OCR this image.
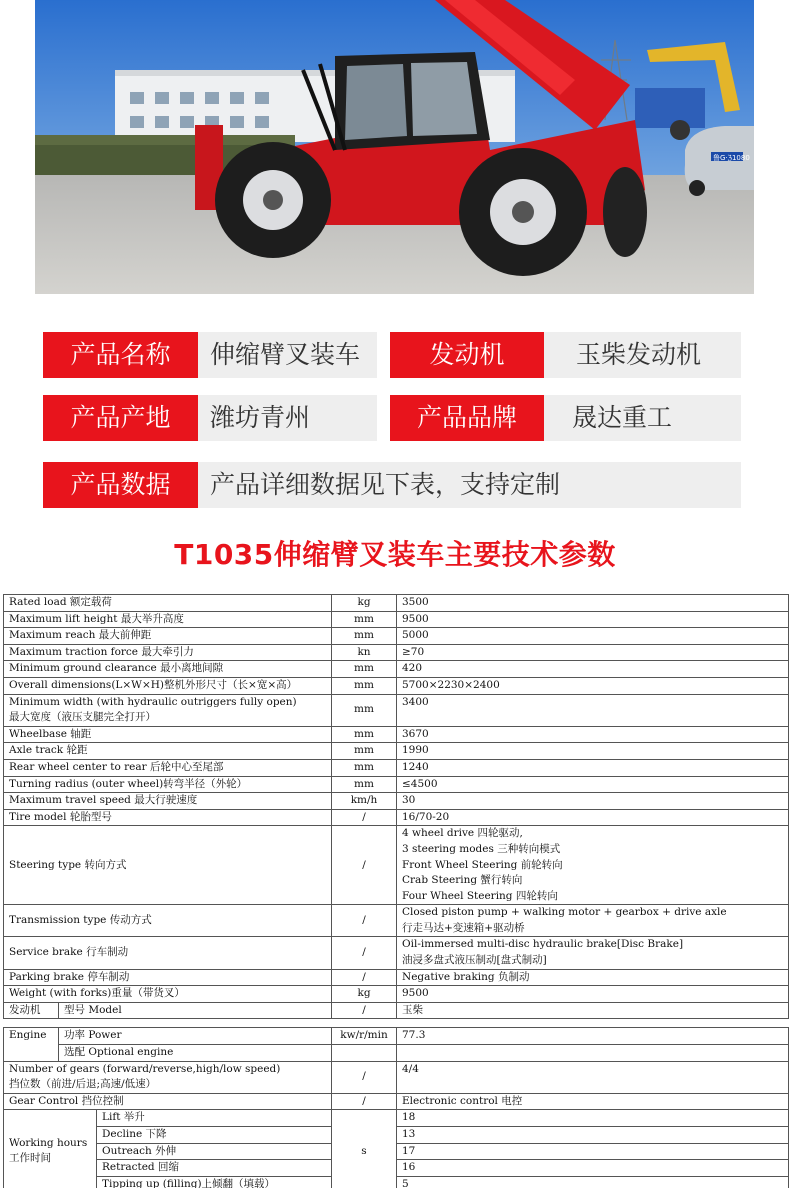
鲁G·ℨ1080
产品名称	伸缩臂叉装车	发动机	玉柴发动机
产品产地	潍坊青州	产品品牌	晟达重工
产品数据	产品详细数据见下表，支持定制
T1035伸缩臂叉装车主要技术参数
Rated load 额定载荷			kg	3500
Maximum lift height 最大举升高度			mm	9500
Maximum reach 最大前伸距			mm	5000
Maximum traction force 最大牵引力			kn	≥70
Minimum ground clearance 最小离地间隙			mm	420
Overall dimensions(L×W×H)整机外形尺寸（长×宽×高）			mm	5700×2230×2400

Minimum width (with hydraulic outriggers fully open)
最大宽度（液压支腿完全打开）			mm	3400
Wheelbase 轴距			mm	3670
Axle track 轮距			mm	1990
Rear wheel center to rear 后轮中心至尾部			mm	1240
Turning radius (outer wheel)转弯半径（外轮）			mm	≤4500
Maximum travel speed 最大行驶速度			km/h	30
Tire model 轮胎型号			/	16/70-20
Steering type 转向方式			/	4 wheel drive 四轮驱动,
3 steering modes 三种转向模式
Front Wheel Steering 前轮转向
Crab Steering 蟹行转向
Four Wheel Steering 四轮转向

Transmission type 传动方式			/	Closed piston pump + walking motor + gearbox + drive axle
行走马达+变速箱+驱动桥

Service brake 行车制动			/	Oil-immersed multi-disc hydraulic brake[Disc Brake]
油浸多盘式液压制动[盘式制动]

Parking brake 停车制动			/	Negative braking 负制动
Weight (with forks)重量（带货叉）			kg	9500
发动机	型号 Model		/	玉柴

Engine	功率 Power		kw/r/min	77.3
	选配 Optional engine			

Number of gears (forward/reverse,high/low speed)
挡位数（前进/后退;高速/低速）			/	4/4
Gear Control 挡位控制			/	Electronic control 电控

Working hours
工作时间		Lift 举升	s	18
		Decline 下降		13
		Outreach 外伸		17
		Retracted 回缩		16
		Tipping up (filling)上倾翻（填载）		5
